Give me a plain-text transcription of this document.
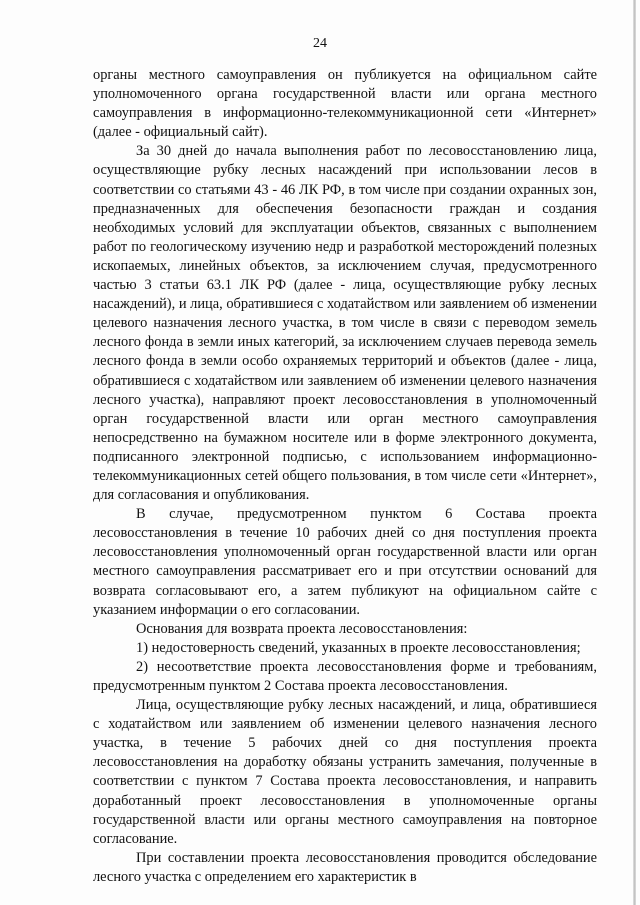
24

органы местного самоуправления он публикуется на официальном сайте уполномоченного органа государственной власти или органа местного самоуправления в информационно-телекоммуникационной сети «Интернет» (далее - официальный сайт).

За 30 дней до начала выполнения работ по лесовосстановлению лица, осуществляющие рубку лесных насаждений при использовании лесов в соответствии со статьями 43 - 46 ЛК РФ, в том числе при создании охранных зон, предназначенных для обеспечения безопасности граждан и создания необходимых условий для эксплуатации объектов, связанных с выполнением работ по геологическому изучению недр и разработкой месторождений полезных ископаемых, линейных объектов, за исключением случая, предусмотренного частью 3 статьи 63.1 ЛК РФ (далее - лица, осуществляющие рубку лесных насаждений), и лица, обратившиеся с ходатайством или заявлением об изменении целевого назначения лесного участка, в том числе в связи с переводом земель лесного фонда в земли иных категорий, за исключением случаев перевода земель лесного фонда в земли особо охраняемых территорий и объектов (далее - лица, обратившиеся с ходатайством или заявлением об изменении целевого назначения лесного участка), направляют проект лесовосстановления в уполномоченный орган государственной власти или орган местного самоуправления непосредственно на бумажном носителе или в форме электронного документа, подписанного электронной подписью, с использованием информационно-телекоммуникационных сетей общего пользования, в том числе сети «Интернет», для согласования и опубликования.

В случае, предусмотренном пунктом 6 Состава проекта лесовосстановления в течение 10 рабочих дней со дня поступления проекта лесовосстановления уполномоченный орган государственной власти или орган местного самоуправления рассматривает его и при отсутствии оснований для возврата согласовывают его, а затем публикуют на официальном сайте с указанием информации о его согласовании.

Основания для возврата проекта лесовосстановления:

1) недостоверность сведений, указанных в проекте лесовосстановления;

2) несоответствие проекта лесовосстановления форме и требованиям, предусмотренным пунктом 2 Состава проекта лесовосстановления.

Лица, осуществляющие рубку лесных насаждений, и лица, обратившиеся с ходатайством или заявлением об изменении целевого назначения лесного участка, в течение 5 рабочих дней со дня поступления проекта лесовосстановления на доработку обязаны устранить замечания, полученные в соответствии с пунктом 7 Состава проекта лесовосстановления, и направить доработанный проект лесовосстановления в уполномоченные органы государственной власти или органы местного самоуправления на повторное согласование.

При составлении проекта лесовосстановления проводится обследование лесного участка с определением его характеристик в
